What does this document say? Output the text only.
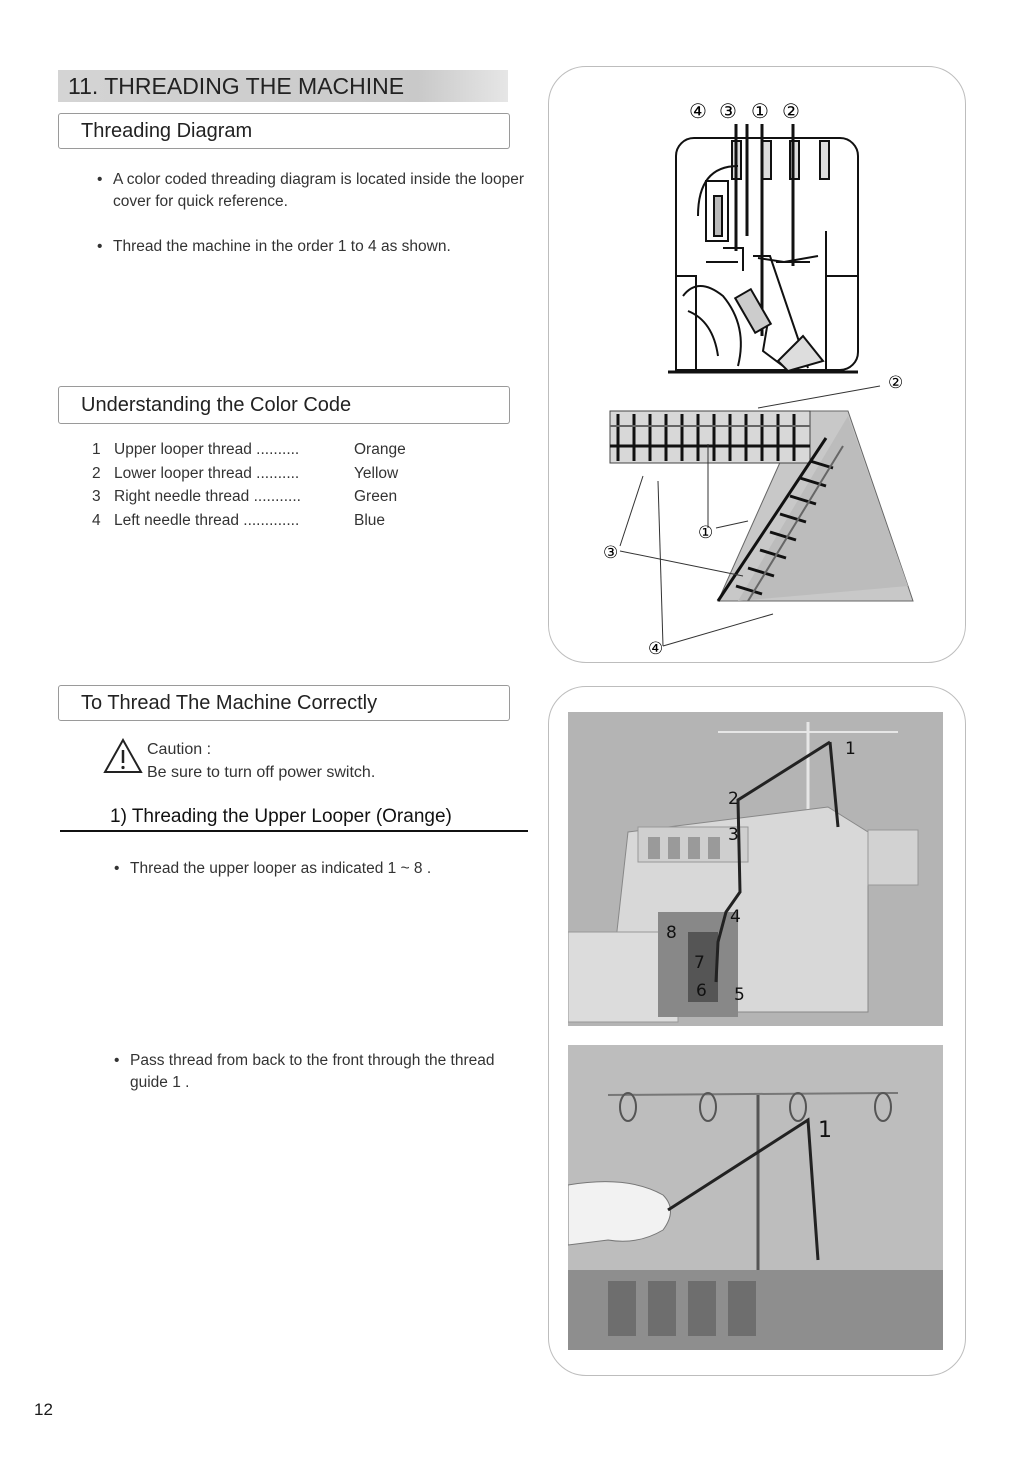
11. THREADING THE MACHINE
Threading Diagram
• A color coded threading diagram is located inside the looper cover for quick reference.
• Thread the machine in the order 1 to 4 as shown.
Understanding the Color Code
1 Upper looper thread ..........	Orange
2 Lower looper thread ..........	Yellow
3 Right needle thread ...........	Green
4 Left needle thread .............	Blue
④ ③ ① ②
②
①
③
④
To Thread The Machine Correctly
Caution :
Be sure to turn off power switch.
1) Threading the Upper Looper (Orange)
• Thread the upper looper as indicated 1 ~ 8 .
• Pass thread from back to the front through the thread guide 1 .
1
2
3
4
5
6
7
8
1
12
